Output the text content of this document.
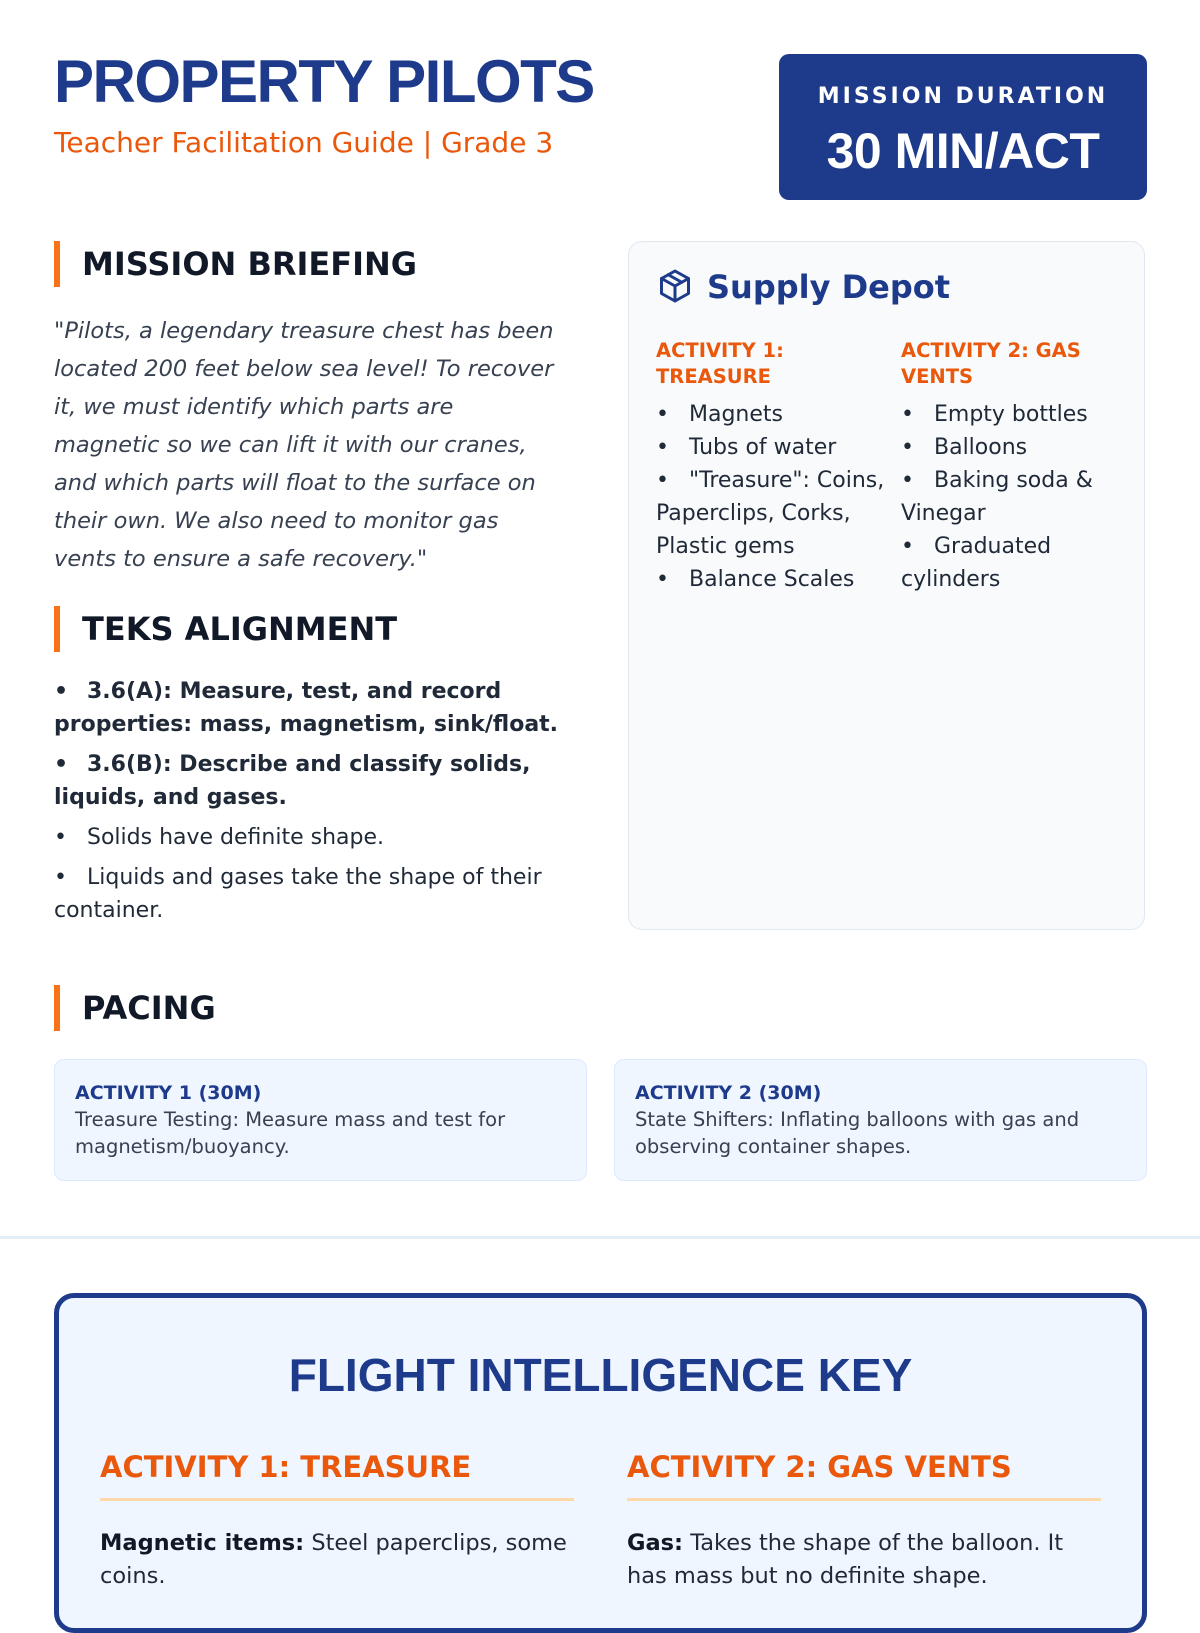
PROPERTY PILOTS
Teacher Facilitation Guide | Grade 3
MISSION DURATION
30 MIN/ACT
MISSION BRIEFING

"Pilots, a legendary treasure chest has been located 200 feet below sea level! To recover it, we must identify which parts are magnetic so we can lift it with our cranes, and which parts will float to the surface on their own. We also need to monitor gas vents to ensure a safe recovery."

TEKS ALIGNMENT
• 3.6(A): Measure, test, and record properties: mass, magnetism, sink/float.
• 3.6(B): Describe and classify solids, liquids, and gases.
• Solids have definite shape.
• Liquids and gases take the shape of their container.
Supply Depot
ACTIVITY 1: TREASURE
• Magnets
• Tubs of water
• "Treasure": Coins, Paperclips, Corks, Plastic gems
• Balance Scales
ACTIVITY 2: GAS VENTS
• Empty bottles
• Balloons
• Baking soda & Vinegar
• Graduated cylinders
PACING
ACTIVITY 1 (30M)
Treasure Testing: Measure mass and test for magnetism/buoyancy.
ACTIVITY 2 (30M)
State Shifters: Inflating balloons with gas and observing container shapes.
FLIGHT INTELLIGENCE KEY
ACTIVITY 1: TREASURE
Magnetic items: Steel paperclips, some coins.
ACTIVITY 2: GAS VENTS
Gas: Takes the shape of the balloon. It has mass but no definite shape.
